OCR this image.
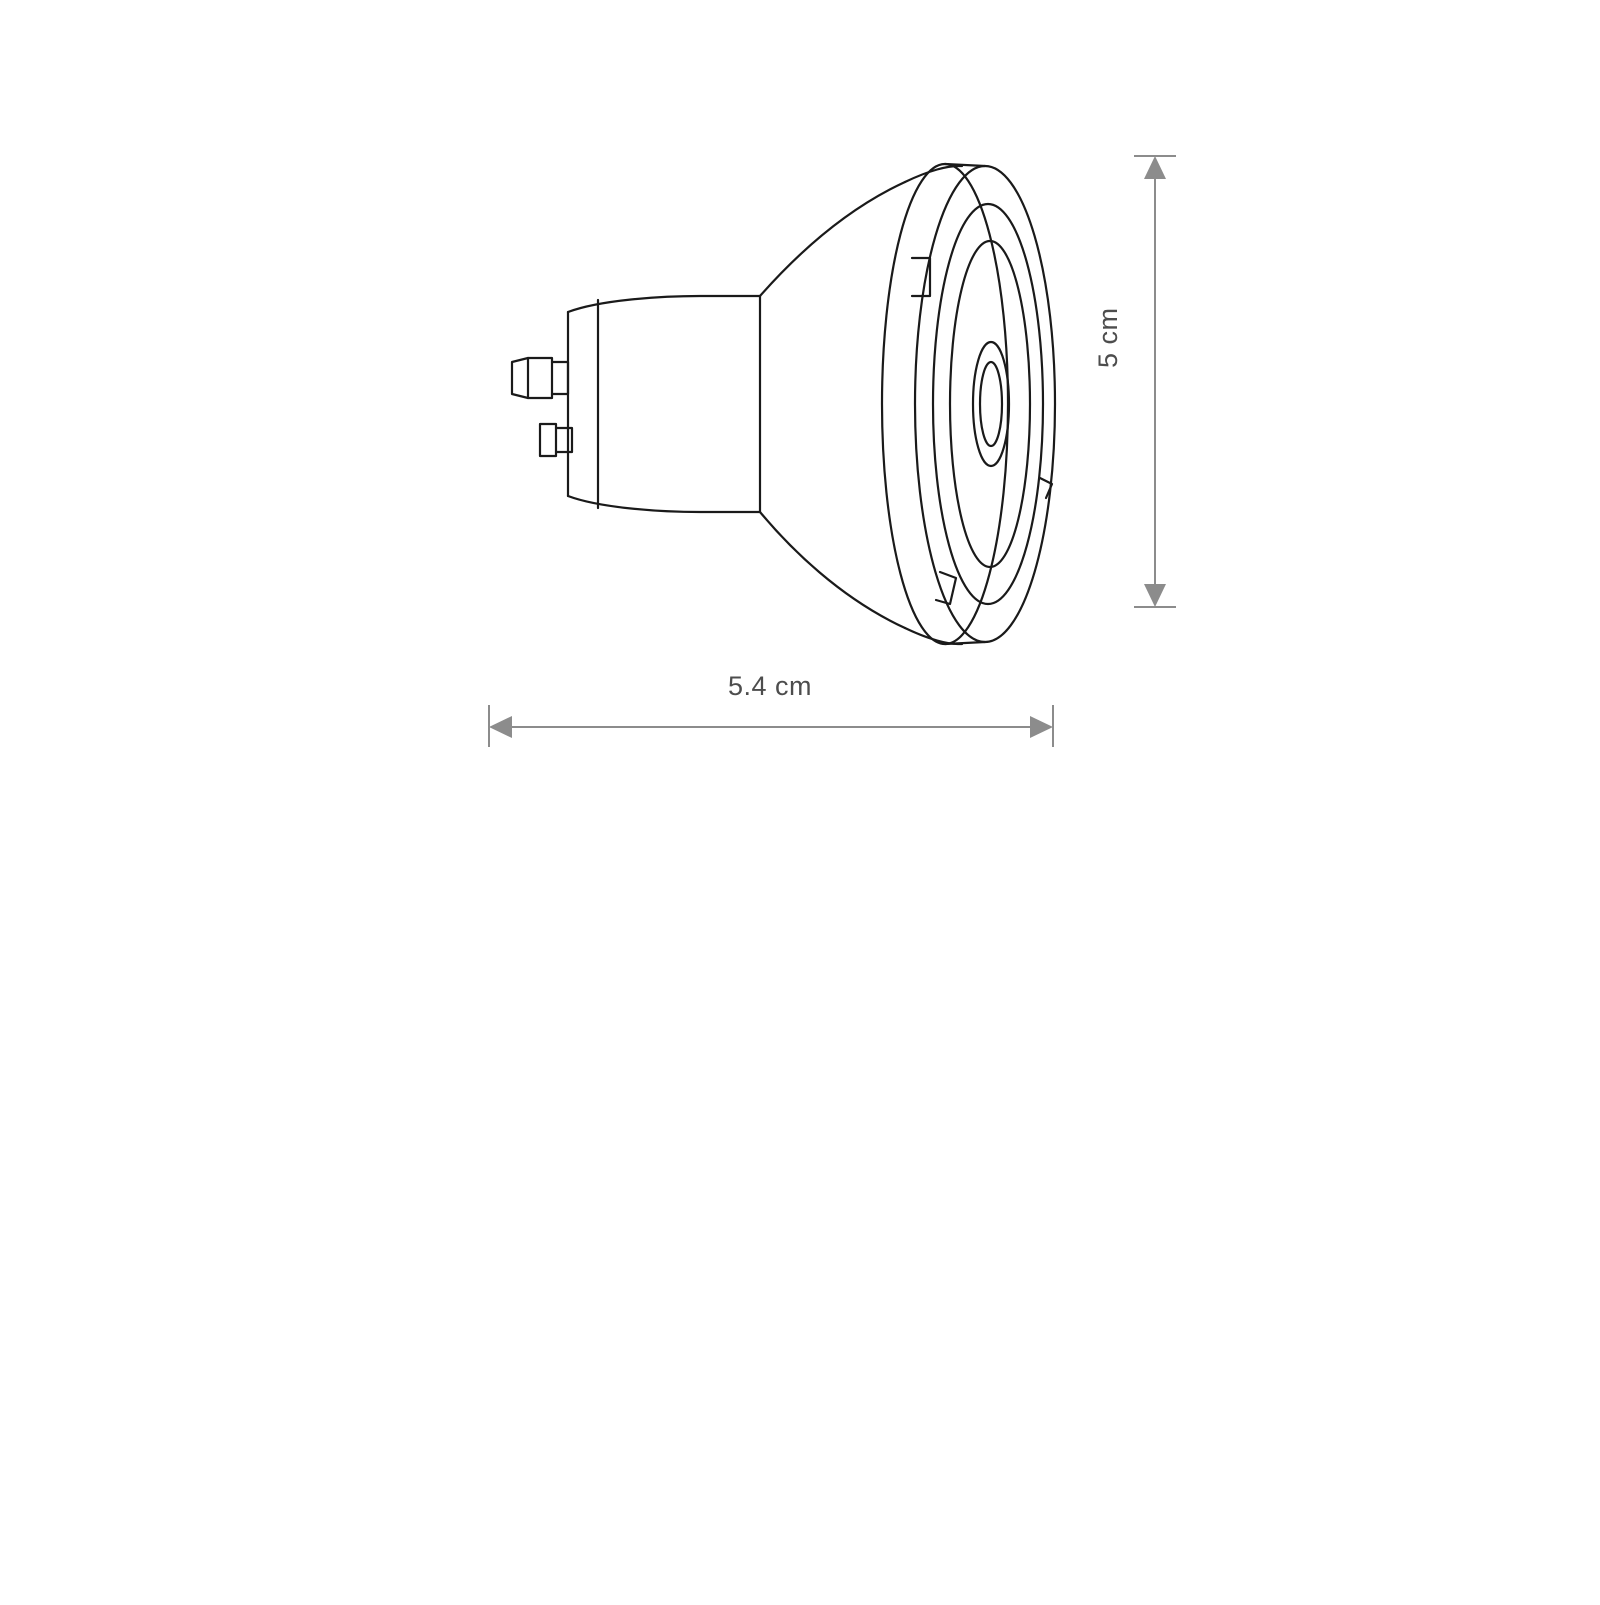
5.4 cm
5 cm
